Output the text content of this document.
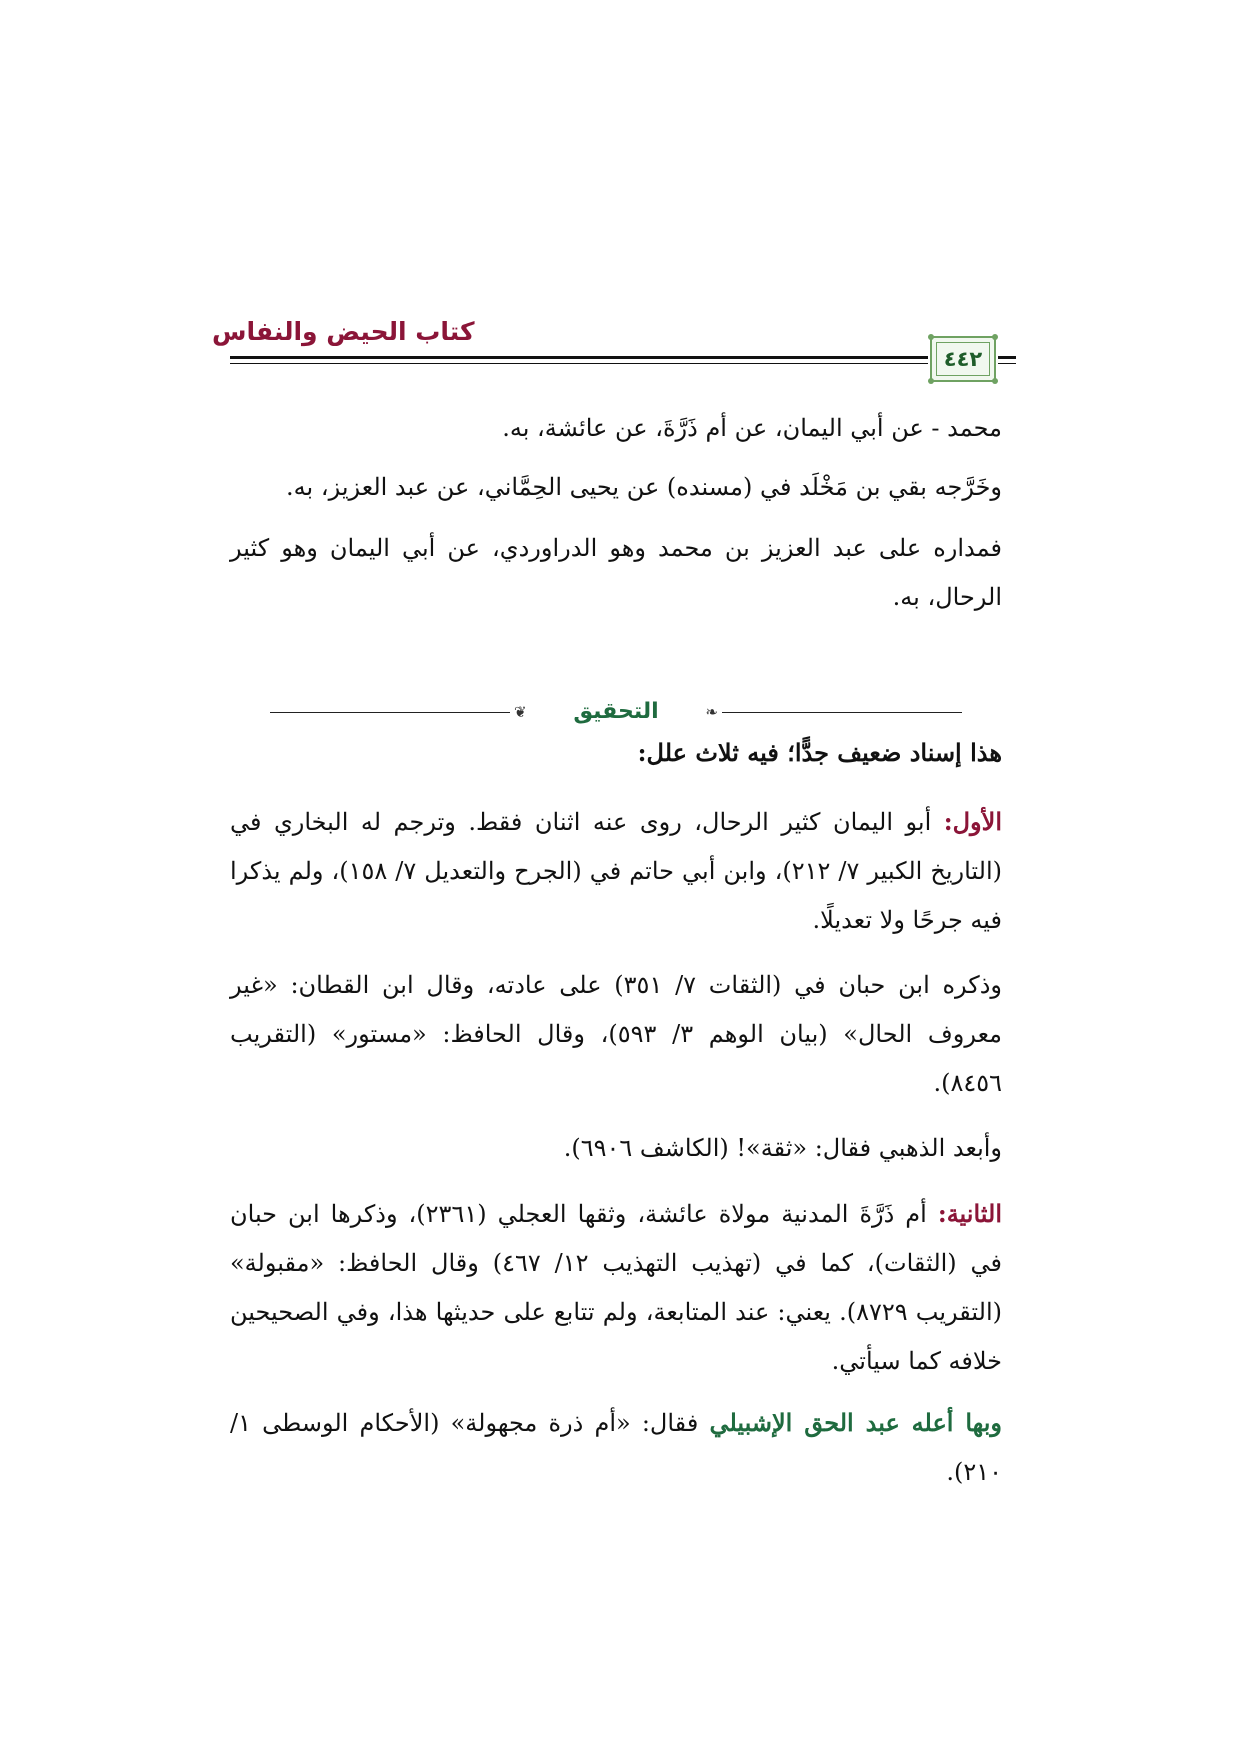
كتاب الحيض والنفاس
٤٤٢

محمد - عن أبي اليمان، عن أم ذَرَّةَ، عن عائشة، به.

وخَرَّجه بقي بن مَخْلَد في (مسنده) عن يحيى الحِمَّاني، عن عبد العزيز، به.

فمداره على عبد العزيز بن محمد وهو الدراوردي، عن أبي اليمان وهو كثير الرحال، به.

❦	❧
التحقيق

هذا إسناد ضعيف جدًّا؛ فيه ثلاث علل:

الأول: أبو اليمان كثير الرحال، روى عنه اثنان فقط. وترجم له البخاري في (التاريخ الكبير ٧/ ٢١٢)، وابن أبي حاتم في (الجرح والتعديل ٧/ ١٥٨)، ولم يذكرا فيه جرحًا ولا تعديلًا.

وذكره ابن حبان في (الثقات ٧/ ٣٥١) على عادته، وقال ابن القطان: «غير معروف الحال» (بيان الوهم ٣/ ٥٩٣)، وقال الحافظ: «مستور» (التقريب ٨٤٥٦).

وأبعد الذهبي فقال: «ثقة»! (الكاشف ٦٩٠٦).

الثانية: أم ذَرَّةَ المدنية مولاة عائشة، وثقها العجلي (٢٣٦١)، وذكرها ابن حبان في (الثقات)، كما في (تهذيب التهذيب ١٢/ ٤٦٧) وقال الحافظ: «مقبولة» (التقريب ٨٧٢٩). يعني: عند المتابعة، ولم تتابع على حديثها هذا، وفي الصحيحين خلافه كما سيأتي.

وبها أعله عبد الحق الإشبيلي فقال: «أم ذرة مجهولة» (الأحكام الوسطى ١/ ٢١٠).
